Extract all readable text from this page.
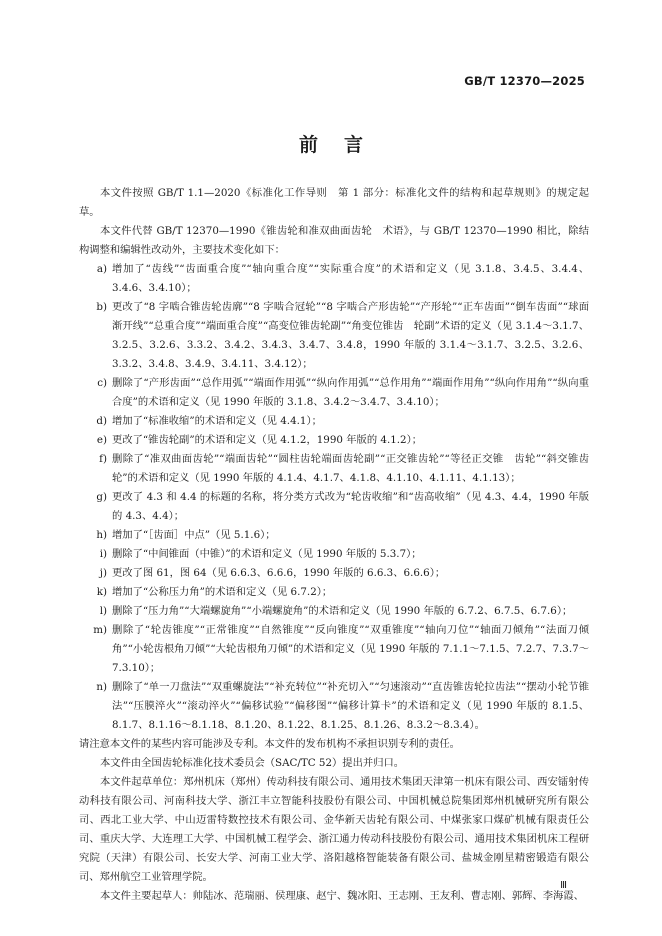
GB/T 12370—2025
前言

本文件按照 GB/T 1.1—2020《标准化工作导则　第 1 部分：标准化文件的结构和起草规则》的规定起草。

本文件代替 GB/T 12370—1990《锥齿轮和准双曲面齿轮　术语》，与 GB/T 12370—1990 相比，除结构调整和编辑性改动外，主要技术变化如下：

a) 增加了“齿线”“齿面重合度”“轴向重合度”“实际重合度”的术语和定义（见 3.1.8、3.4.5、3.4.4、3.4.6、3.4.10）；
b) 更改了“8 字啮合锥齿轮齿廓”“8 字啮合冠轮”“8 字啮合产形齿轮”“产形轮”“正车齿面”“倒车齿面”“球面渐开线”“总重合度”“端面重合度”“高变位锥齿轮副”“角变位锥齿　轮副”术语的定义（见 3.1.4～3.1.7、3.2.5、3.2.6、3.3.2、3.4.2、3.4.3、3.4.7、3.4.8，1990 年版的 3.1.4～3.1.7、3.2.5、3.2.6、3.3.2、3.4.8、3.4.9、3.4.11、3.4.12）；
c) 删除了“产形齿面”“总作用弧”“端面作用弧”“纵向作用弧”“总作用角”“端面作用角”“纵向作用角”“纵向重合度”的术语和定义（见 1990 年版的 3.1.8、3.4.2～3.4.7、3.4.10）；
d) 增加了“标准收缩”的术语和定义（见 4.4.1）；
e) 更改了“锥齿轮副”的术语和定义（见 4.1.2，1990 年版的 4.1.2）；
f) 删除了“准双曲面齿轮”“端面齿轮”“圆柱齿轮端面齿轮副”“正交锥齿轮”“等径正交锥　齿轮”“斜交锥齿轮”的术语和定义（见 1990 年版的 4.1.4、4.1.7、4.1.8、4.1.10、4.1.11、4.1.13）；
g) 更改了 4.3 和 4.4 的标题的名称，将分类方式改为“轮齿收缩”和“齿高收缩”（见 4.3、4.4，1990 年版的 4.3、4.4）；
h) 增加了“［齿面］中点”（见 5.1.6）；
i) 删除了“中间锥面（中锥）”的术语和定义（见 1990 年版的 5.3.7）；
j) 更改了图 61，图 64（见 6.6.3、6.6.6，1990 年版的 6.6.3、6.6.6）；
k) 增加了“公称压力角”的术语和定义（见 6.7.2）；
l) 删除了“压力角”“大端螺旋角”“小端螺旋角”的术语和定义（见 1990 年版的 6.7.2、6.7.5、6.7.6）；
m) 删除了“轮齿锥度”“正常锥度”“自然锥度”“反向锥度”“双重锥度”“轴向刀位”“轴面刀倾角”“法面刀倾角”“小轮齿根角刀倾”“大轮齿根角刀倾”的术语和定义（见 1990 年版的 7.1.1～7.1.5、7.2.7、7.3.7～7.3.10）；
n) 删除了“单一刀盘法”“双重螺旋法”“补充转位”“补充切入”“匀速滚动”“直齿锥齿轮拉齿法”“摆动小轮节锥法”“压膜淬火”“滚动淬火”“偏移试验”“偏移图”“偏移计算卡”的术语和定义（见 1990 年版的 8.1.5、8.1.7、8.1.16～8.1.18、8.1.20、8.1.22、8.1.25、8.1.26、8.3.2～8.3.4）。

请注意本文件的某些内容可能涉及专利。本文件的发布机构不承担识别专利的责任。

本文件由全国齿轮标准化技术委员会（SAC/TC 52）提出并归口。

本文件起草单位：郑州机床（郑州）传动科技有限公司、通用技术集团天津第一机床有限公司、西安镭射传动科技有限公司、河南科技大学、浙江丰立智能科技股份有限公司、中国机械总院集团郑州机械研究所有限公司、西北工业大学、中山迈雷特数控技术有限公司、金华新天齿轮有限公司、中煤张家口煤矿机械有限责任公司、重庆大学、大连理工大学、中国机械工程学会、浙江通力传动科技股份有限公司、通用技术集团机床工程研究院（天津）有限公司、长安大学、河南工业大学、洛阳越格智能装备有限公司、盐城金刚星精密锻造有限公司、郑州航空工业管理学院。

本文件主要起草人：帅陆冰、范瑞丽、侯理康、赵宁、魏冰阳、王志刚、王友利、曹志刚、郭辉、李海霞、

Ⅲ
